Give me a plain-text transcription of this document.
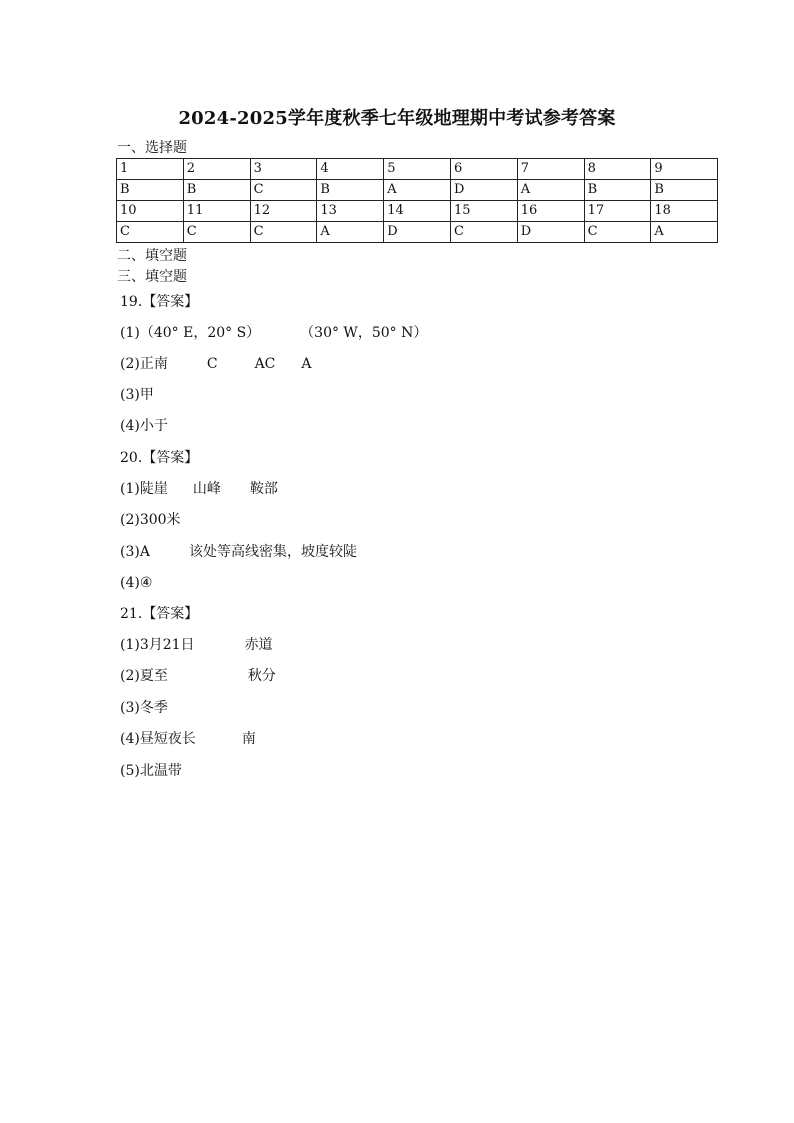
2024-2025学年度秋季七年级地理期中考试参考答案
一、选择题
1	2	3	4	5	6	7	8	9
B	B	C	B	A	D	A	B	B
10	11	12	13	14	15	16	17	18
C	C	C	A	D	C	D	C	A
二、填空题
三、填空题
19.【答案】
(1)（40° E，20° S）	（30° W，50° N）
(2)正南	C	AC A
(3)甲
(4)小于
20.【答案】
(1)陡崖 山峰 鞍部
(2)300米
(3)A	该处等高线密集，坡度较陡
(4)④
21.【答案】
(1)3月21日	赤道
(2)夏至	秋分
(3)冬季
(4)昼短夜长	南
(5)北温带
